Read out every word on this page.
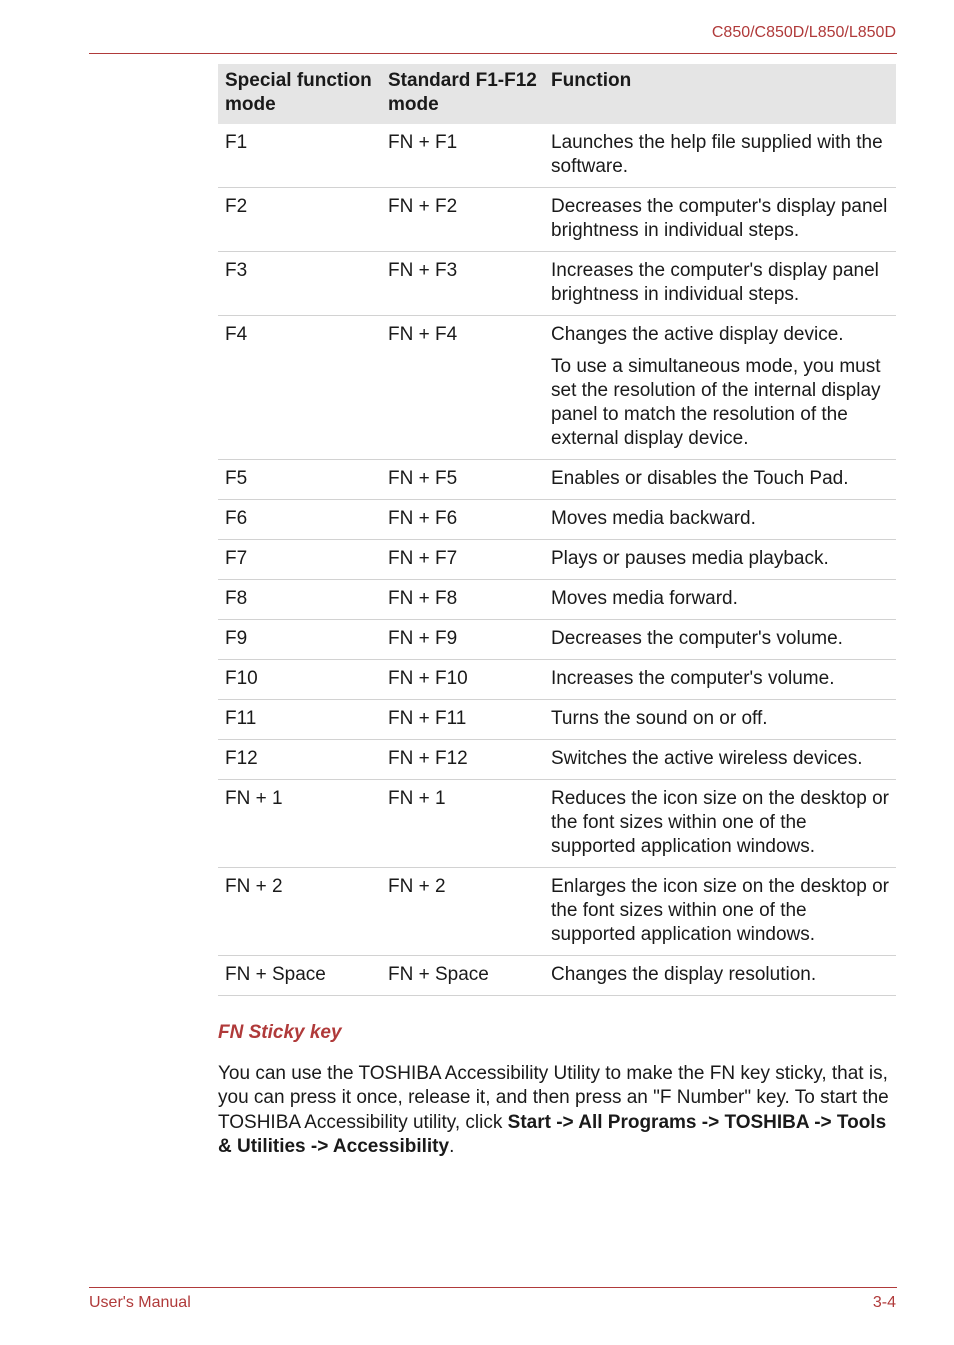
C850/C850D/L850/L850D
Special function mode	Standard F1-F12 mode	Function
F1	FN + F1	Launches the help file supplied with the software.

F2	FN + F2	Decreases the computer's display panel brightness in individual steps.

F3	FN + F3	Increases the computer's display panel brightness in individual steps.

F4	FN + F4	Changes the active display device.
To use a simultaneous mode, you must set the resolution of the internal display panel to match the resolution of the external display device.

F5	FN + F5	Enables or disables the Touch Pad.

F6	FN + F6	Moves media backward.

F7	FN + F7	Plays or pauses media playback.

F8	FN + F8	Moves media forward.

F9	FN + F9	Decreases the computer's volume.

F10	FN + F10	Increases the computer's volume.

F11	FN + F11	Turns the sound on or off.

F12	FN + F12	Switches the active wireless devices.

FN + 1	FN + 1	Reduces the icon size on the desktop or the font sizes within one of the supported application windows.

FN + 2	FN + 2	Enlarges the icon size on the desktop or the font sizes within one of the supported application windows.

FN + Space	FN + Space	Changes the display resolution.
FN Sticky key

You can use the TOSHIBA Accessibility Utility to make the FN key sticky, that is, you can press it once, release it, and then press an "F Number" key. To start the TOSHIBA Accessibility utility, click Start -> All Programs -> TOSHIBA -> Tools & Utilities -> Accessibility.

User's Manual	3-4
